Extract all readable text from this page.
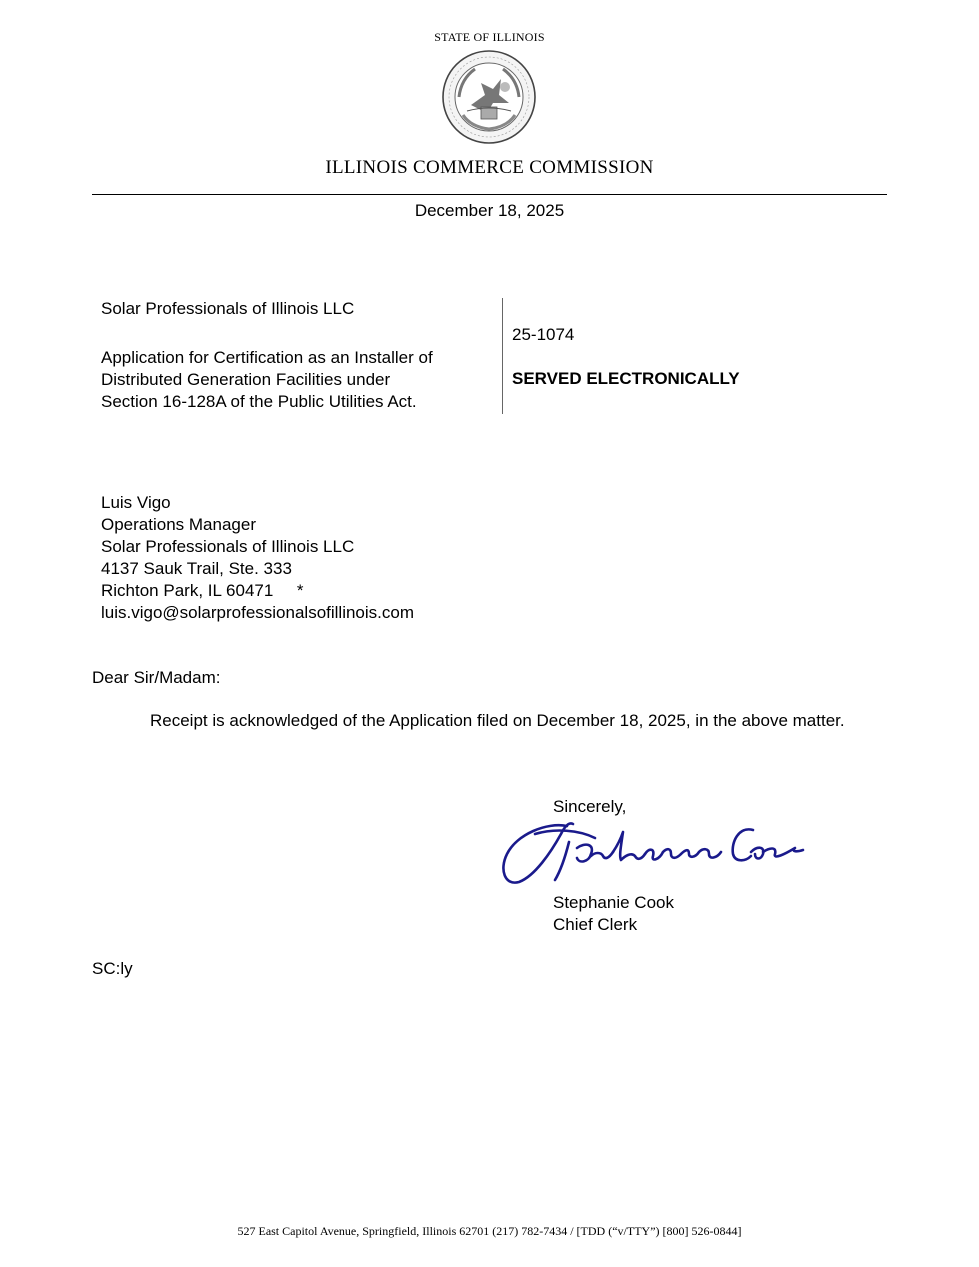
STATE OF ILLINOIS
ILLINOIS COMMERCE COMMISSION
December 18, 2025
Solar Professionals of Illinois LLC
Application for Certification as an Installer of
Distributed Generation Facilities under
Section 16-128A of the Public Utilities Act.
25-1074
SERVED ELECTRONICALLY
Luis Vigo
Operations Manager
Solar Professionals of Illinois LLC
4137 Sauk Trail, Ste. 333
Richton Park, IL 60471     *
luis.vigo@solarprofessionalsofillinois.com
Dear Sir/Madam:
Receipt is acknowledged of the Application filed on December 18, 2025, in the above matter.
Sincerely,
Stephanie Cook
Chief Clerk
SC:ly
527 East Capitol Avenue, Springfield, Illinois 62701 (217) 782-7434 / [TDD (“v/TTY”) [800] 526-0844]
